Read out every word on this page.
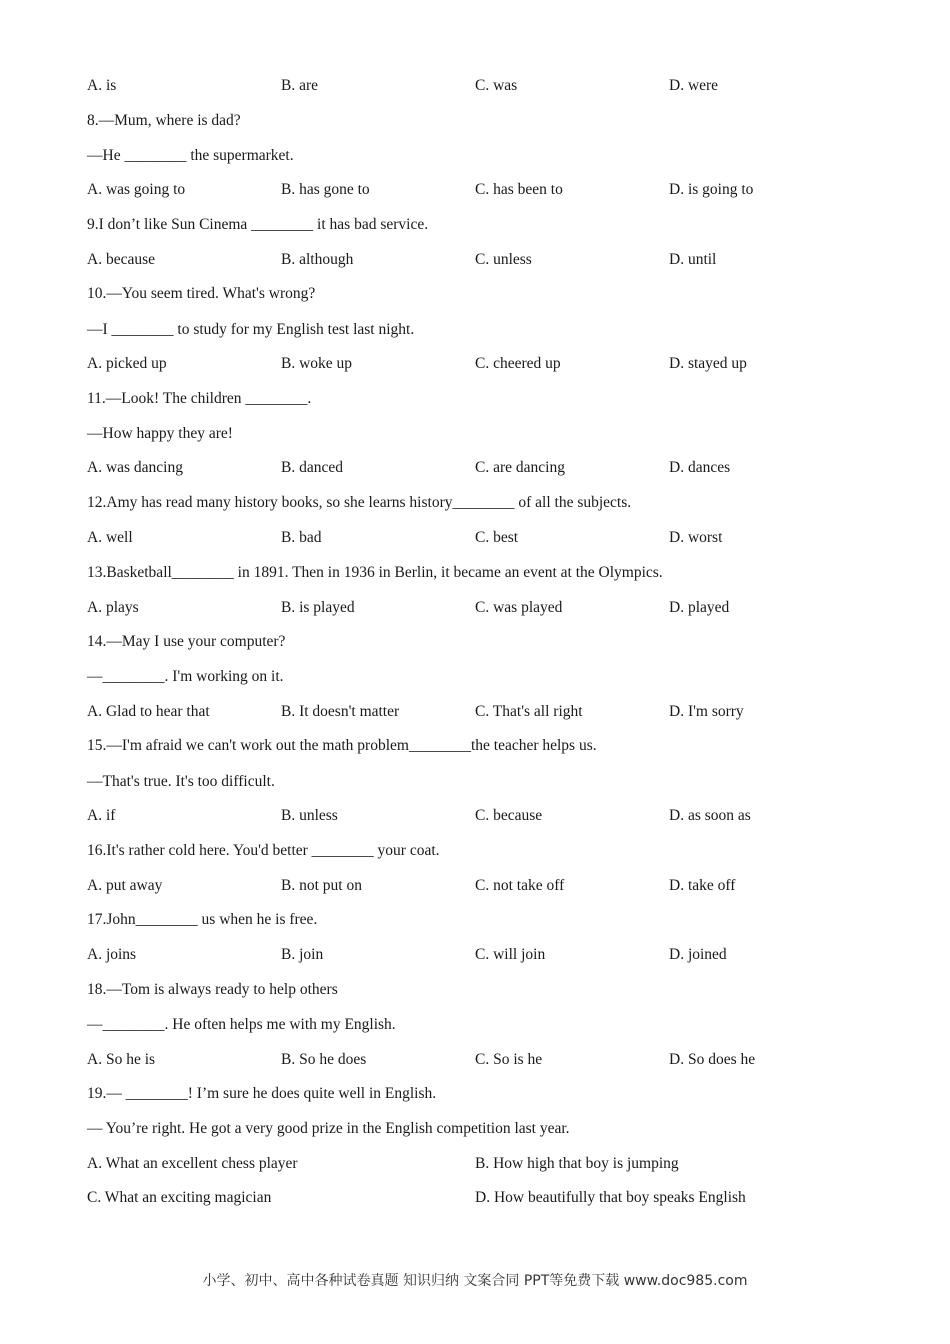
A. is	B. are	C. was	D. were
8.—Mum, where is dad?
—He ________ the supermarket.
A. was going to	B. has gone to	C. has been to	D. is going to
9.I don’t like Sun Cinema ________ it has bad service.
A. because	B. although	C. unless	D. until
10.—You seem tired. What's wrong?
—I ________ to study for my English test last night.
A. picked up	B. woke up	C. cheered up	D. stayed up
11.—Look! The children ________.
—How happy they are!
A. was dancing	B. danced	C. are dancing	D. dances
12.Amy has read many history books, so she learns history________ of all the subjects.
A. well	B. bad	C. best	D. worst
13.Basketball________ in 1891. Then in 1936 in Berlin, it became an event at the Olympics.
A. plays	B. is played	C. was played	D. played
14.—May I use your computer?
—________. I'm working on it.
A. Glad to hear that	B. It doesn't matter	C. That's all right	D. I'm sorry
15.—I'm afraid we can't work out the math problem________the teacher helps us.
—That's true. It's too difficult.
A. if	B. unless	C. because	D. as soon as
16.It's rather cold here. You'd better ________ your coat.
A. put away	B. not put on	C. not take off	D. take off
17.John________ us when he is free.
A. joins	B. join	C. will join	D. joined
18.—Tom is always ready to help others
—________. He often helps me with my English.
A. So he is	B. So he does	C. So is he	D. So does he
19.— ________! I’m sure he does quite well in English.
— You’re right. He got a very good prize in the English competition last year.
A. What an excellent chess player	B. How high that boy is jumping
C. What an exciting magician	D. How beautifully that boy speaks English
小学、初中、高中各种试卷真题 知识归纳 文案合同 PPT等免费下载 www.doc985.com
